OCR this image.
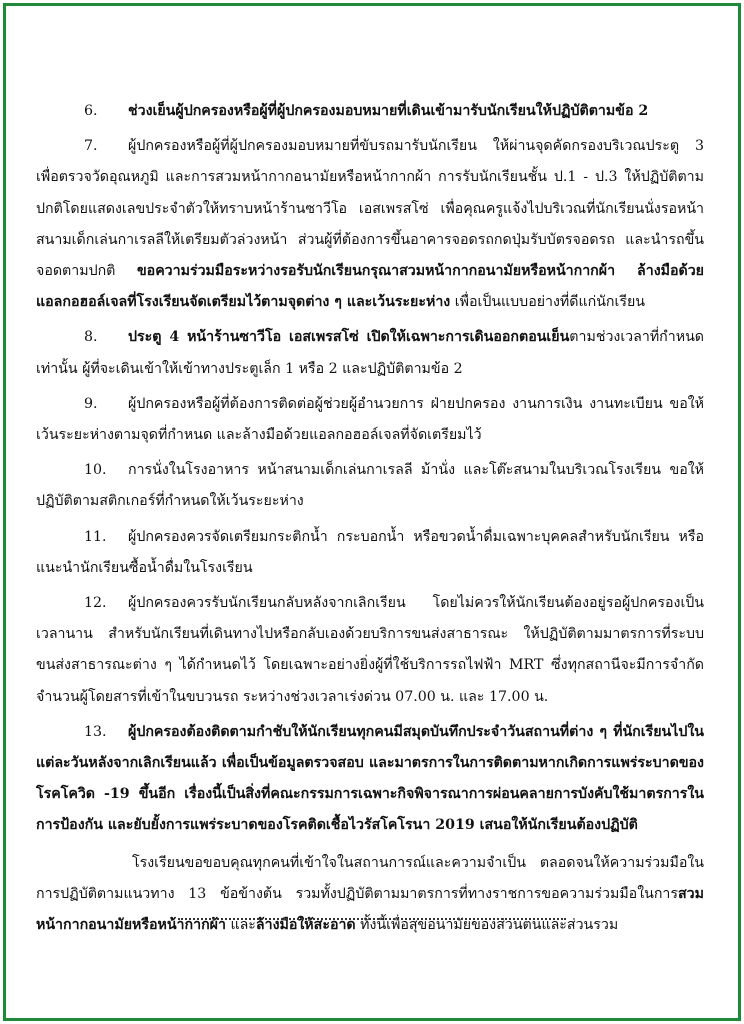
6. ช่วงเย็นผู้ปกครองหรือผู้ที่ผู้ปกครองมอบหมายที่เดินเข้ามารับนักเรียนให้ปฏิบัติตามข้อ 2

7. ผู้ปกครองหรือผู้ที่ผู้ปกครองมอบหมายที่ขับรถมารับนักเรียน ให้ผ่านจุดคัดกรองบริเวณประตู 3 เพื่อตรวจวัดอุณหภูมิ และการสวมหน้ากากอนามัยหรือหน้ากากผ้า การรับนักเรียนชั้น ป.1 - ป.3 ให้ปฏิบัติตามปกติโดยแสดงเลขประจำตัวให้ทราบหน้าร้านซาวีโอ เอสเพรสโซ่ เพื่อคุณครูแจ้งไปบริเวณที่นักเรียนนั่งรอหน้าสนามเด็กเล่นกาเรลลีให้เตรียมตัวล่วงหน้า ส่วนผู้ที่ต้องการขึ้นอาคารจอดรถกดปุ่มรับบัตรจอดรถ และนำรถขึ้นจอดตามปกติ ขอความร่วมมือระหว่างรอรับนักเรียนกรุณาสวมหน้ากากอนามัยหรือหน้ากากผ้า ล้างมือด้วยแอลกอฮอล์เจลที่โรงเรียนจัดเตรียมไว้ตามจุดต่าง ๆ และเว้นระยะห่าง เพื่อเป็นแบบอย่างที่ดีแก่นักเรียน

8. ประตู 4 หน้าร้านซาวีโอ เอสเพรสโซ่ เปิดให้เฉพาะการเดินออกตอนเย็นตามช่วงเวลาที่กำหนดเท่านั้น ผู้ที่จะเดินเข้าให้เข้าทางประตูเล็ก 1 หรือ 2 และปฏิบัติตามข้อ 2

9. ผู้ปกครองหรือผู้ที่ต้องการติดต่อผู้ช่วยผู้อำนวยการ ฝ่ายปกครอง งานการเงิน งานทะเบียน ขอให้เว้นระยะห่างตามจุดที่กำหนด และล้างมือด้วยแอลกอฮอล์เจลที่จัดเตรียมไว้

10. การนั่งในโรงอาหาร หน้าสนามเด็กเล่นกาเรลลี ม้านั่ง และโต๊ะสนามในบริเวณโรงเรียน ขอให้ปฏิบัติตามสติกเกอร์ที่กำหนดให้เว้นระยะห่าง

11. ผู้ปกครองควรจัดเตรียมกระติกน้ำ กระบอกน้ำ หรือขวดน้ำดื่มเฉพาะบุคคลสำหรับนักเรียน หรือแนะนำนักเรียนซื้อน้ำดื่มในโรงเรียน

12. ผู้ปกครองควรรับนักเรียนกลับหลังจากเลิกเรียน โดยไม่ควรให้นักเรียนต้องอยู่รอผู้ปกครองเป็นเวลานาน สำหรับนักเรียนที่เดินทางไปหรือกลับเองด้วยบริการขนส่งสาธารณะ ให้ปฏิบัติตามมาตรการที่ระบบขนส่งสาธารณะต่าง ๆ ได้กำหนดไว้ โดยเฉพาะอย่างยิ่งผู้ที่ใช้บริการรถไฟฟ้า MRT ซึ่งทุกสถานีจะมีการจำกัดจำนวนผู้โดยสารที่เข้าในขบวนรถ ระหว่างช่วงเวลาเร่งด่วน 07.00 น. และ 17.00 น.

13. ผู้ปกครองต้องติดตามกำชับให้นักเรียนทุกคนมีสมุดบันทึกประจำวันสถานที่ต่าง ๆ ที่นักเรียนไปในแต่ละวันหลังจากเลิกเรียนแล้ว เพื่อเป็นข้อมูลตรวจสอบ และมาตรการในการติดตามหากเกิดการแพร่ระบาดของโรคโควิด -19 ขึ้นอีก เรื่องนี้เป็นสิ่งที่คณะกรรมการเฉพาะกิจพิจารณาการผ่อนคลายการบังคับใช้มาตรการในการป้องกัน และยับยั้งการแพร่ระบาดของโรคติดเชื้อไวรัสโคโรนา 2019 เสนอให้นักเรียนต้องปฏิบัติ

โรงเรียนขอขอบคุณทุกคนที่เข้าใจในสถานการณ์และความจำเป็น ตลอดจนให้ความร่วมมือในการปฏิบัติตามแนวทาง 13 ข้อข้างต้น รวมทั้งปฏิบัติตามมาตรการที่ทางราชการขอความร่วมมือในการสวมหน้ากากอนามัยหรือหน้ากากผ้า และล้างมือให้สะอาด ทั้งนี้เพื่อสุขอนามัยของส่วนตนและส่วนรวม
